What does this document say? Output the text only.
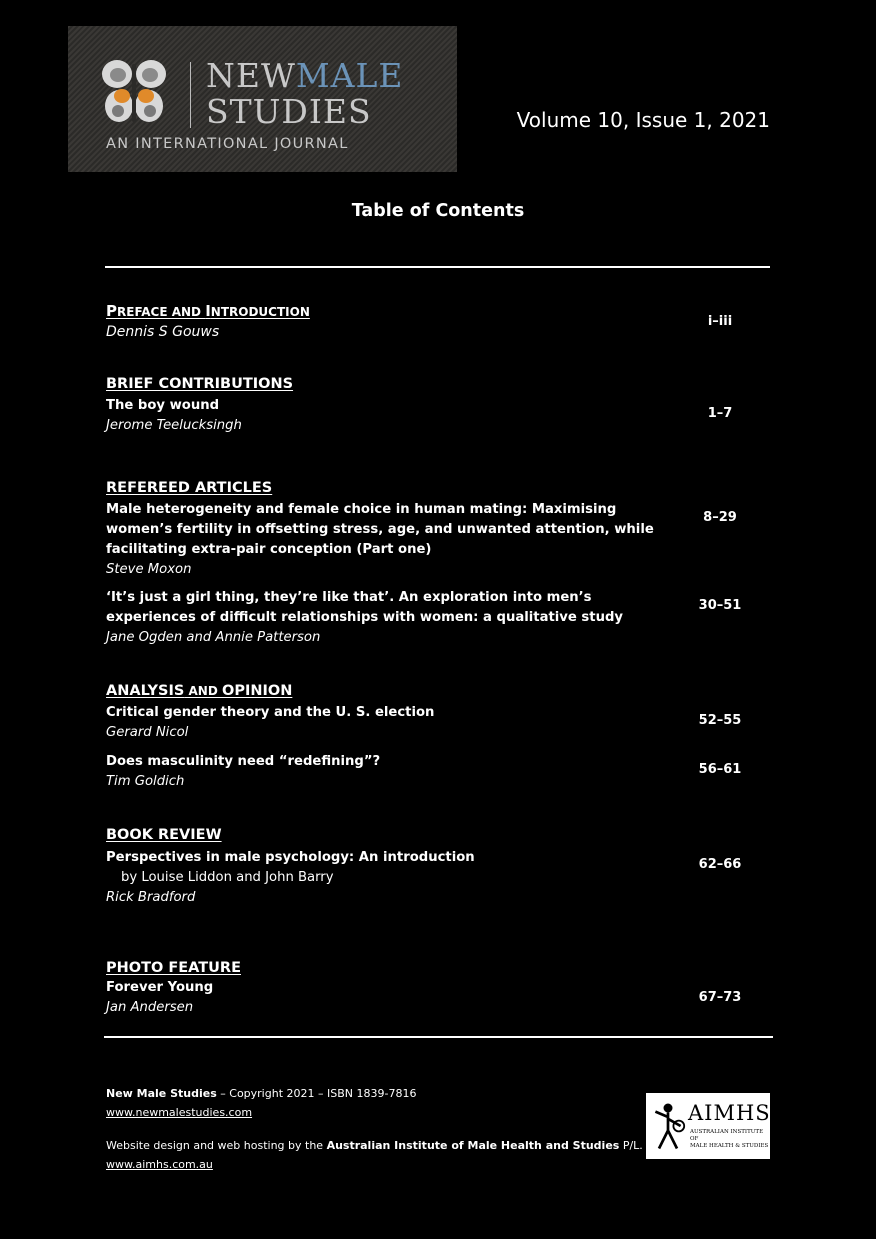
NEWMALE
STUDIES
AN INTERNATIONAL JOURNAL
Volume 10, Issue 1, 2021
Table of Contents
PREFACE AND INTRODUCTION
Dennis S Gouws
i–iii
BRIEF CONTRIBUTIONS
The boy wound
Jerome Teelucksingh
1–7
REFEREED ARTICLES
Male heterogeneity and female choice in human mating: Maximising women’s fertility in offsetting stress, age, and unwanted attention, while facilitating extra-pair conception (Part one)
Steve Moxon
8–29
‘It’s just a girl thing, they’re like that’. An exploration into men’s experiences of difficult relationships with women: a qualitative study
Jane Ogden and Annie Patterson
30–51
ANALYSIS AND OPINION
Critical gender theory and the U. S. election
Gerard Nicol
52–55
Does masculinity need “redefining”?
Tim Goldich
56–61
BOOK REVIEW
Perspectives in male psychology: An introduction
by Louise Liddon and John Barry
Rick Bradford
62–66
PHOTO FEATURE
Forever Young
Jan Andersen
67–73
New Male Studies – Copyright 2021 – ISBN 1839-7816
www.newmalestudies.com
Website design and web hosting by the Australian Institute of Male Health and Studies P/L.
www.aimhs.com.au
AIMHS
AUSTRALIAN INSTITUTE OF
MALE HEALTH & STUDIES
